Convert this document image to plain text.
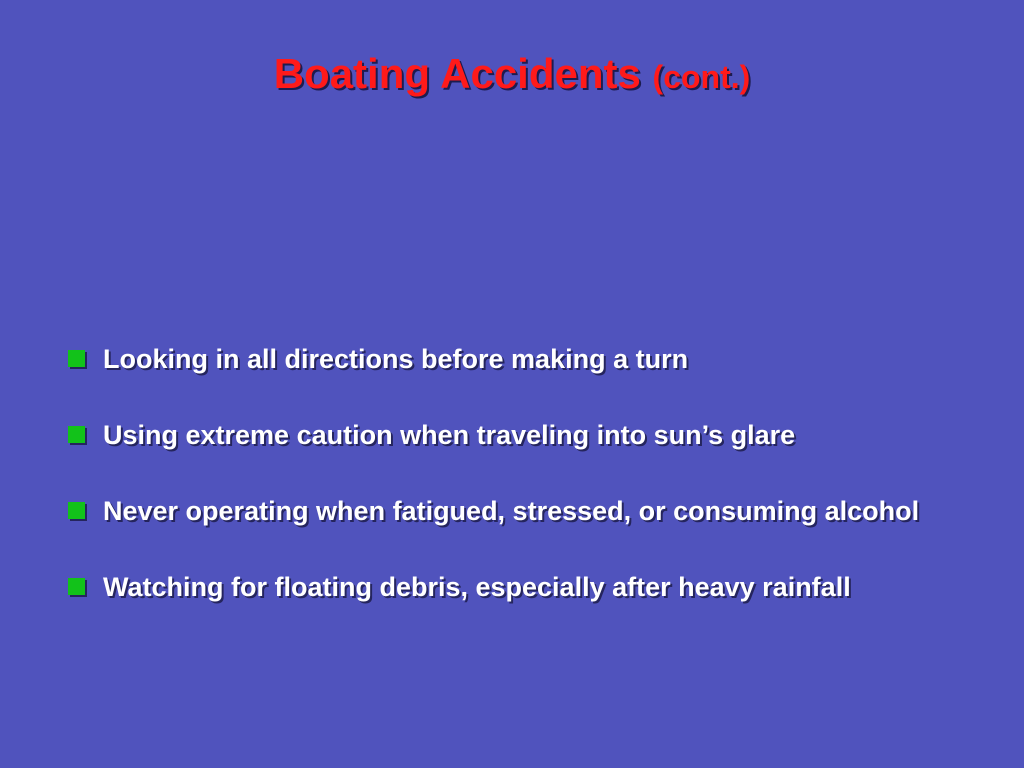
Boating Accidents (cont.)
Looking in all directions before making a turn
Using extreme caution when traveling into sun’s glare
Never operating when fatigued, stressed, or consuming alcohol
Watching for floating debris, especially after heavy rainfall
